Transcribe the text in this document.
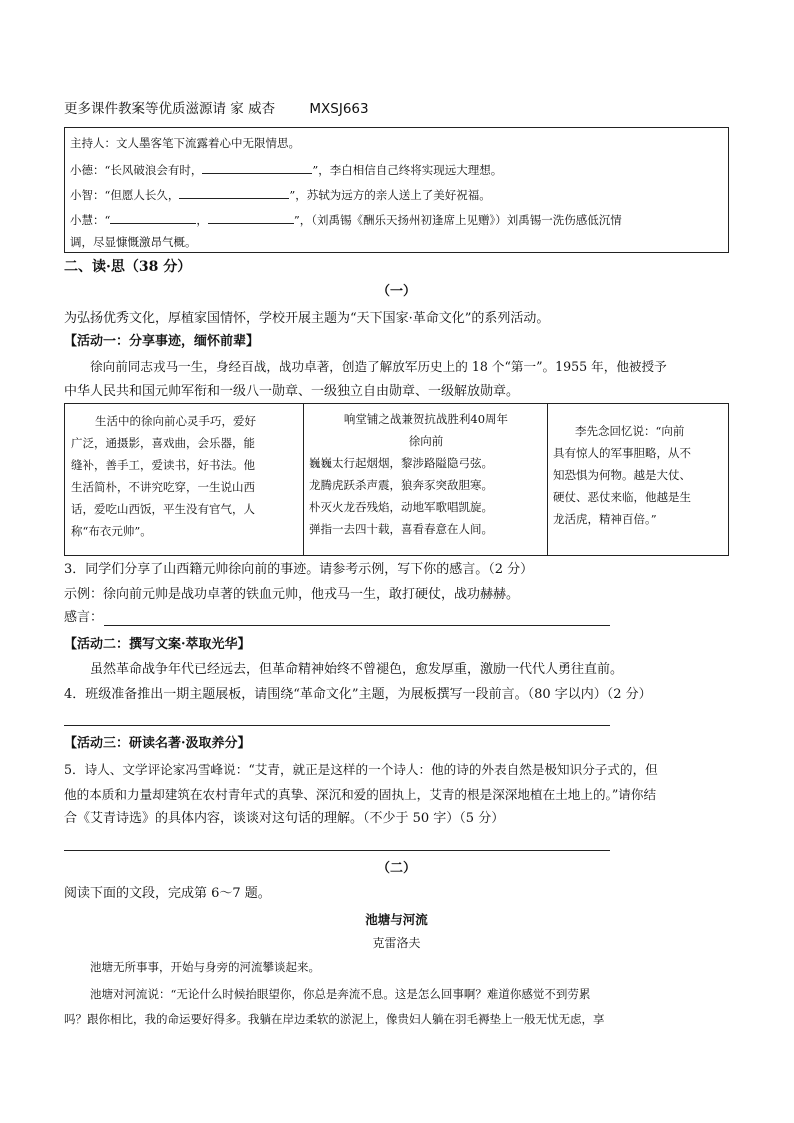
更多课件教案等优质滋源请 家 威杏	MXSJ663
主持人：文人墨客笔下流露着心中无限情思。
小德：“长风破浪会有时，	”，李白相信自己终将实现远大理想。
小智：“但愿人长久，	”，苏轼为远方的亲人送上了美好祝福。
小慧：“	，	”，（刘禹锡《酬乐天扬州初逢席上见赠》）刘禹锡一洗伤感低沉情
调，尽显慷慨激昂气概。
二、读·思（38 分）
（一）
为弘扬优秀文化，厚植家国情怀，学校开展主题为“天下国家·革命文化”的系列活动。
【活动一：分享事迹，缅怀前辈】
徐向前同志戎马一生，身经百战，战功卓著，创造了解放军历史上的 18 个“第一”。1955 年，他被授予
中华人民共和国元帅军衔和一级八一勋章、一级独立自由勋章、一级解放勋章。
生活中的徐向前心灵手巧，爱好
广泛，通摄影，喜戏曲，会乐器，能
缝补，善手工，爱读书，好书法。他
生活简朴，不讲究吃穿，一生说山西
话，爱吃山西饭，平生没有官气，人
称“布衣元帅”。
响堂铺之战兼贺抗战胜利40周年
徐向前
巍巍太行起烟烟，黎涉路隘隐弓弦。
龙腾虎跃杀声震，狼奔豕突敌胆寒。
朴灭火龙吞残焰，动地军歌唱凯旋。
弹指一去四十载，喜看春意在人间。
李先念回忆说：“向前
具有惊人的军事胆略，从不
知恐惧为何物。越是大仗、
硬仗、恶仗来临，他越是生
龙活虎，精神百倍。”
3．同学们分享了山西籍元帅徐向前的事迹。请参考示例，写下你的感言。（2 分）
示例：徐向前元帅是战功卓著的铁血元帅，他戎马一生，敢打硬仗，战功赫赫。
感言：
【活动二：撰写文案·萃取光华】
虽然革命战争年代已经远去，但革命精神始终不曾褪色，愈发厚重，激励一代代人勇往直前。
4．班级准备推出一期主题展板，请围绕“革命文化”主题，为展板撰写一段前言。（80 字以内）（2 分）
【活动三：研读名著·汲取养分】
5．诗人、文学评论家冯雪峰说：“艾青，就正是这样的一个诗人：他的诗的外表自然是极知识分子式的，但
他的本质和力量却建筑在农村青年式的真挚、深沉和爱的固执上，艾青的根是深深地植在土地上的。”请你结
合《艾青诗选》的具体内容，谈谈对这句话的理解。（不少于 50 字）（5 分）
（二）
阅读下面的文段，完成第 6～7 题。
池塘与河流
克雷洛夫
池塘无所事事，开始与身旁的河流攀谈起来。
池塘对河流说：“无论什么时候抬眼望你，你总是奔流不息。这是怎么回事啊？难道你感觉不到劳累
吗？跟你相比，我的命运要好得多。我躺在岸边柔软的淤泥上，像贵妇人躺在羽毛褥垫上一般无忧无虑，享
